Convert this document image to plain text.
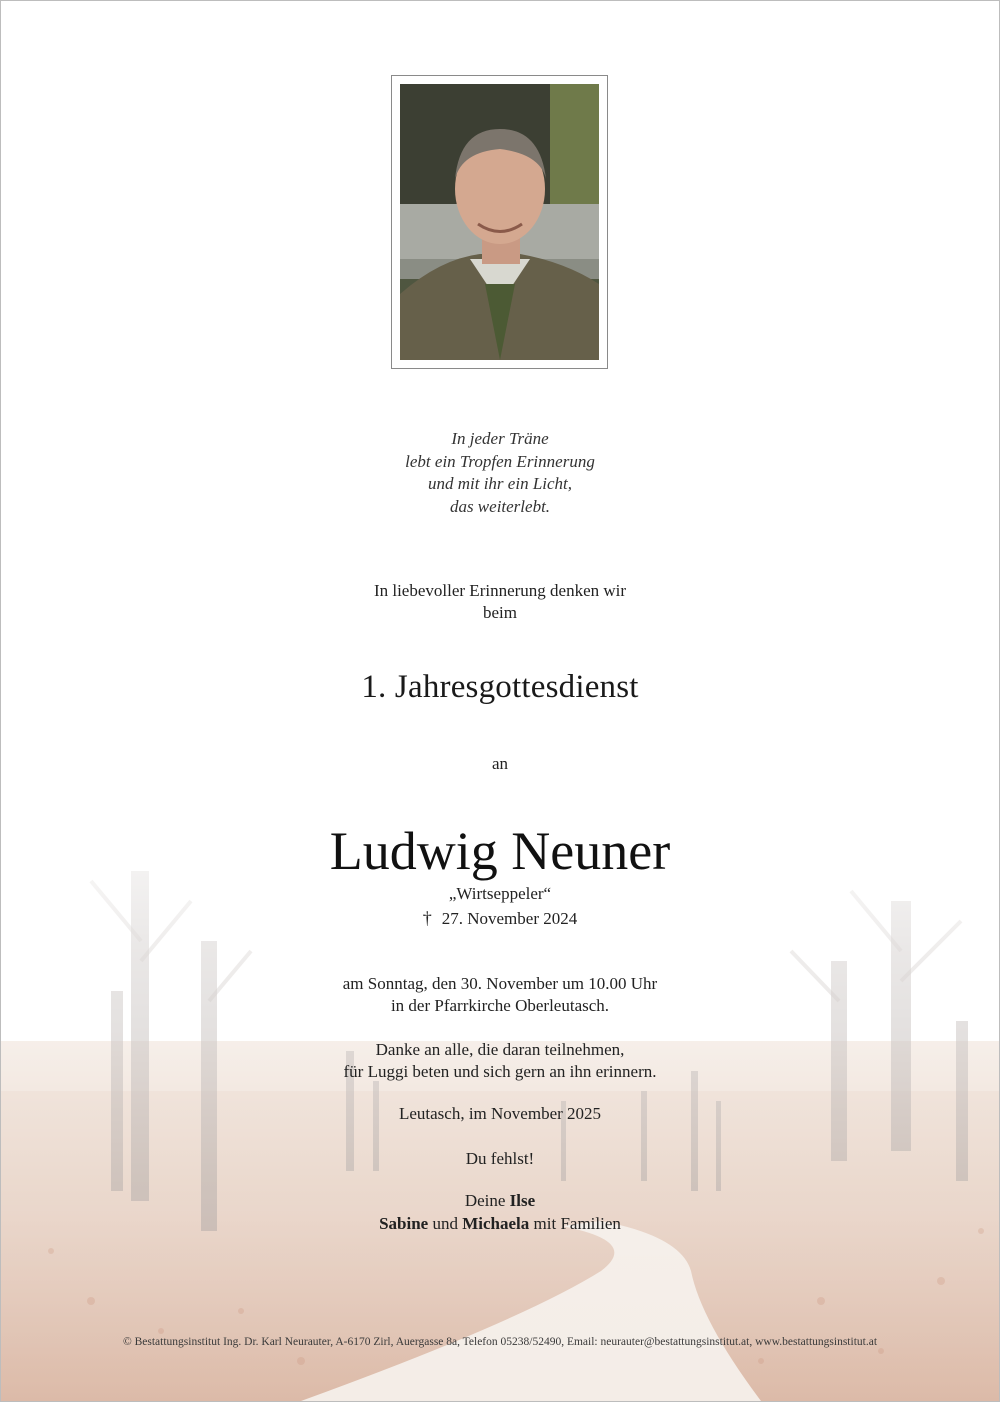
In jeder Träne
lebt ein Tropfen Erinnerung
und mit ihr ein Licht,
das weiterlebt.
In liebevoller Erinnerung denken wir
beim
1. Jahresgottesdienst
an
Ludwig Neuner
„Wirtseppeler“
† 27. November 2024
am Sonntag, den 30. November um 10.00 Uhr
in der Pfarrkirche Oberleutasch.
Danke an alle, die daran teilnehmen,
für Luggi beten und sich gern an ihn erinnern.
Leutasch, im November 2025
Du fehlst!
Deine Ilse
Sabine und Michaela mit Familien
© Bestattungsinstitut Ing. Dr. Karl Neurauter, A-6170 Zirl, Auergasse 8a, Telefon 05238/52490, Email: neurauter@bestattungsinstitut.at, www.bestattungsinstitut.at
